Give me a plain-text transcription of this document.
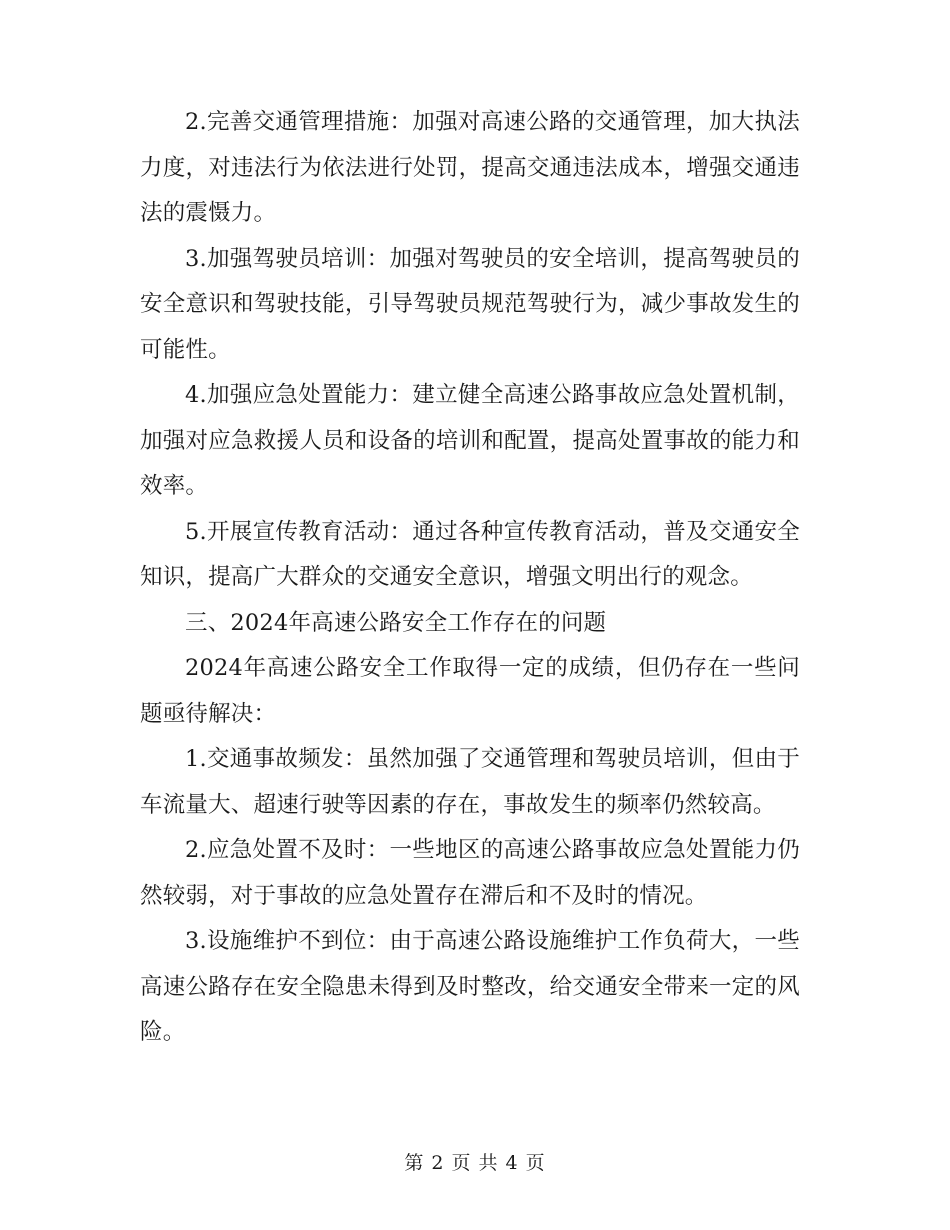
2.完善交通管理措施：加强对高速公路的交通管理，加大执法力度，对违法行为依法进行处罚，提高交通违法成本，增强交通违法的震慑力。

3.加强驾驶员培训：加强对驾驶员的安全培训，提高驾驶员的安全意识和驾驶技能，引导驾驶员规范驾驶行为，减少事故发生的可能性。

4.加强应急处置能力：建立健全高速公路事故应急处置机制，加强对应急救援人员和设备的培训和配置，提高处置事故的能力和效率。

5.开展宣传教育活动：通过各种宣传教育活动，普及交通安全知识，提高广大群众的交通安全意识，增强文明出行的观念。

三、2024年高速公路安全工作存在的问题

2024年高速公路安全工作取得一定的成绩，但仍存在一些问题亟待解决：

1.交通事故频发：虽然加强了交通管理和驾驶员培训，但由于车流量大、超速行驶等因素的存在，事故发生的频率仍然较高。

2.应急处置不及时：一些地区的高速公路事故应急处置能力仍然较弱，对于事故的应急处置存在滞后和不及时的情况。

3.设施维护不到位：由于高速公路设施维护工作负荷大，一些高速公路存在安全隐患未得到及时整改，给交通安全带来一定的风险。

第 2 页 共 4 页
